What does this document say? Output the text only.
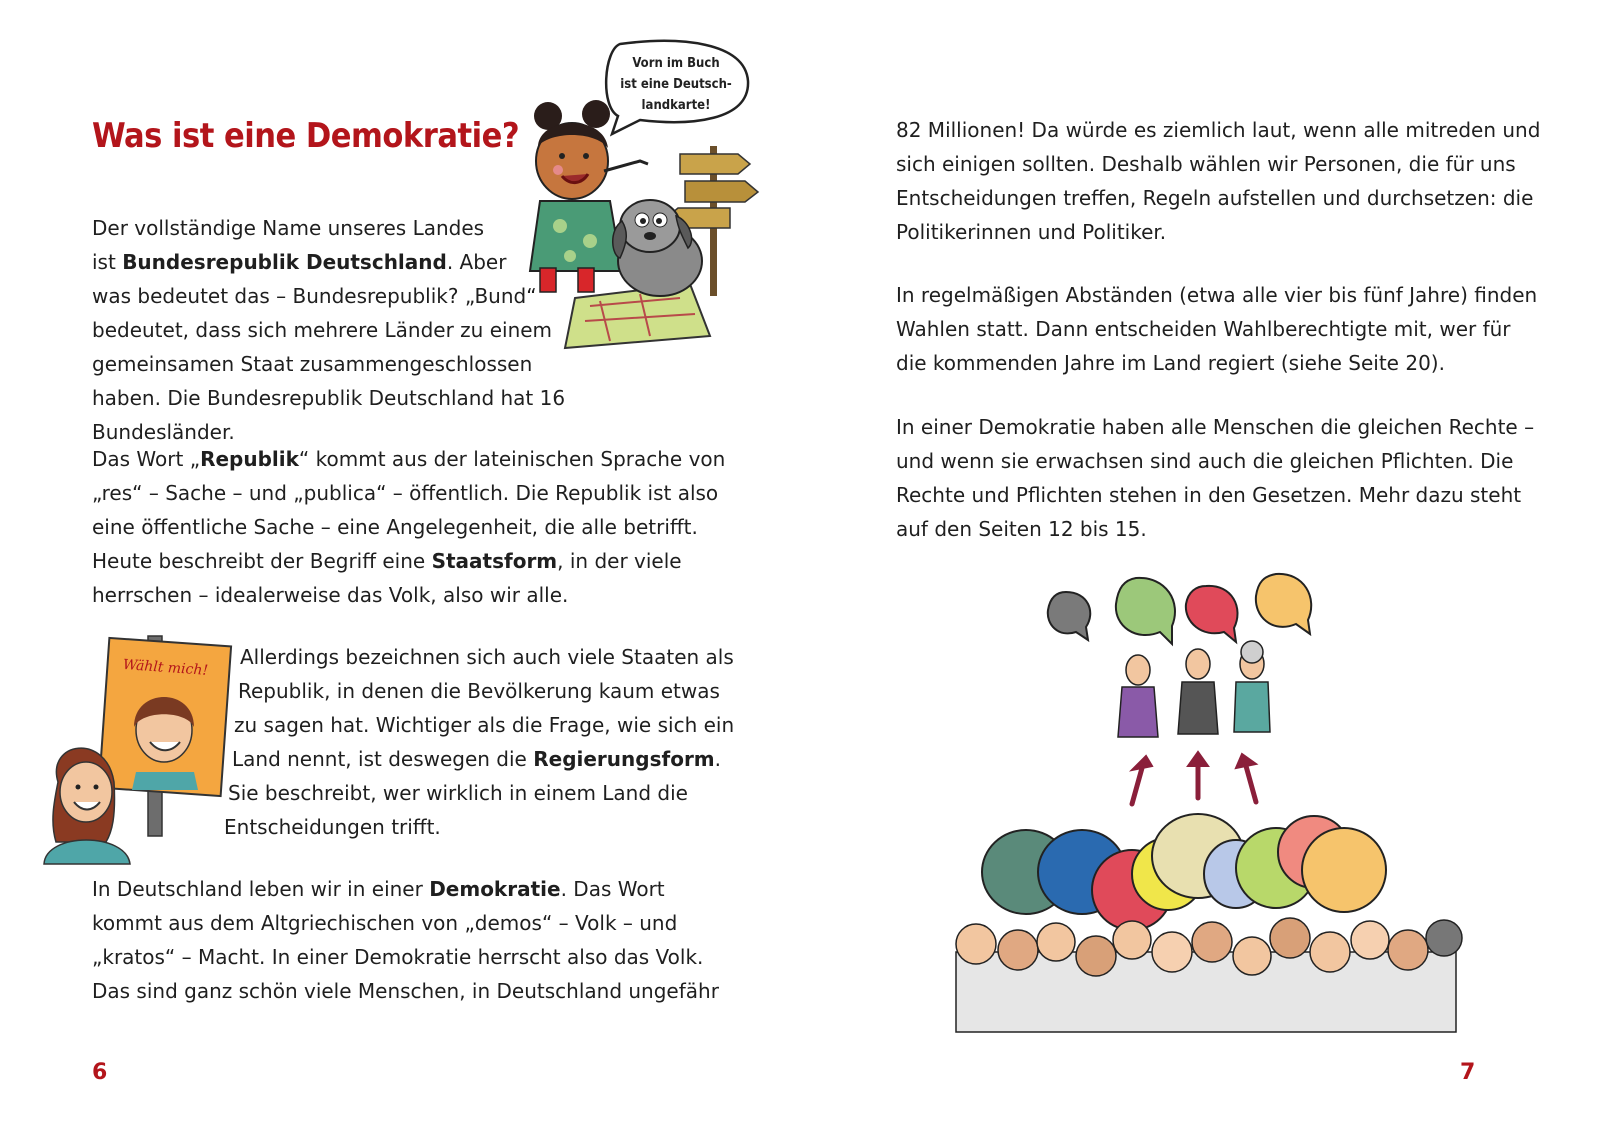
Was ist eine Demokratie?
Vorn im Buch
ist eine Deutsch-
landkarte!

Der vollständige Name unseres Landes
ist Bundesrepublik Deutschland. Aber
was bedeutet das – Bundesrepublik? „Bund“
bedeutet, dass sich mehrere Länder zu einem
gemeinsamen Staat zusammengeschlossen
haben. Die Bundesrepublik Deutschland hat 16 Bundesländer.

Das Wort „Republik“ kommt aus der lateinischen Sprache von
„res“ – Sache – und „publica“ – öffentlich. Die Republik ist also
eine öffentliche Sache – eine Angelegenheit, die alle betrifft.
Heute beschreibt der Begriff eine Staatsform, in der viele
herrschen – idealerweise das Volk, also wir alle.

Wählt mich!	Allerdings bezeichnen sich auch viele Staaten als
Republik, in denen die Bevölkerung kaum etwas
zu sagen hat. Wichtiger als die Frage, wie sich ein
Land nennt, ist deswegen die Regierungsform.
Sie beschreibt, wer wirklich in einem Land die
Entscheidungen trifft.

In Deutschland leben wir in einer Demokratie. Das Wort
kommt aus dem Altgriechischen von „demos“ – Volk – und
„kratos“ – Macht. In einer Demokratie herrscht also das Volk.
Das sind ganz schön viele Menschen, in Deutschland ungefähr

6

82 Millionen! Da würde es ziemlich laut, wenn alle mitreden und
sich einigen sollten. Deshalb wählen wir Personen, die für uns
Entscheidungen treffen, Regeln aufstellen und durchsetzen: die
Politikerinnen und Politiker.

In regelmäßigen Abständen (etwa alle vier bis fünf Jahre) finden
Wahlen statt. Dann entscheiden Wahlberechtigte mit, wer für
die kommenden Jahre im Land regiert (siehe Seite 20).

In einer Demokratie haben alle Menschen die gleichen Rechte –
und wenn sie erwachsen sind auch die gleichen Pflichten. Die
Rechte und Pflichten stehen in den Gesetzen. Mehr dazu steht
auf den Seiten 12 bis 15.

7
